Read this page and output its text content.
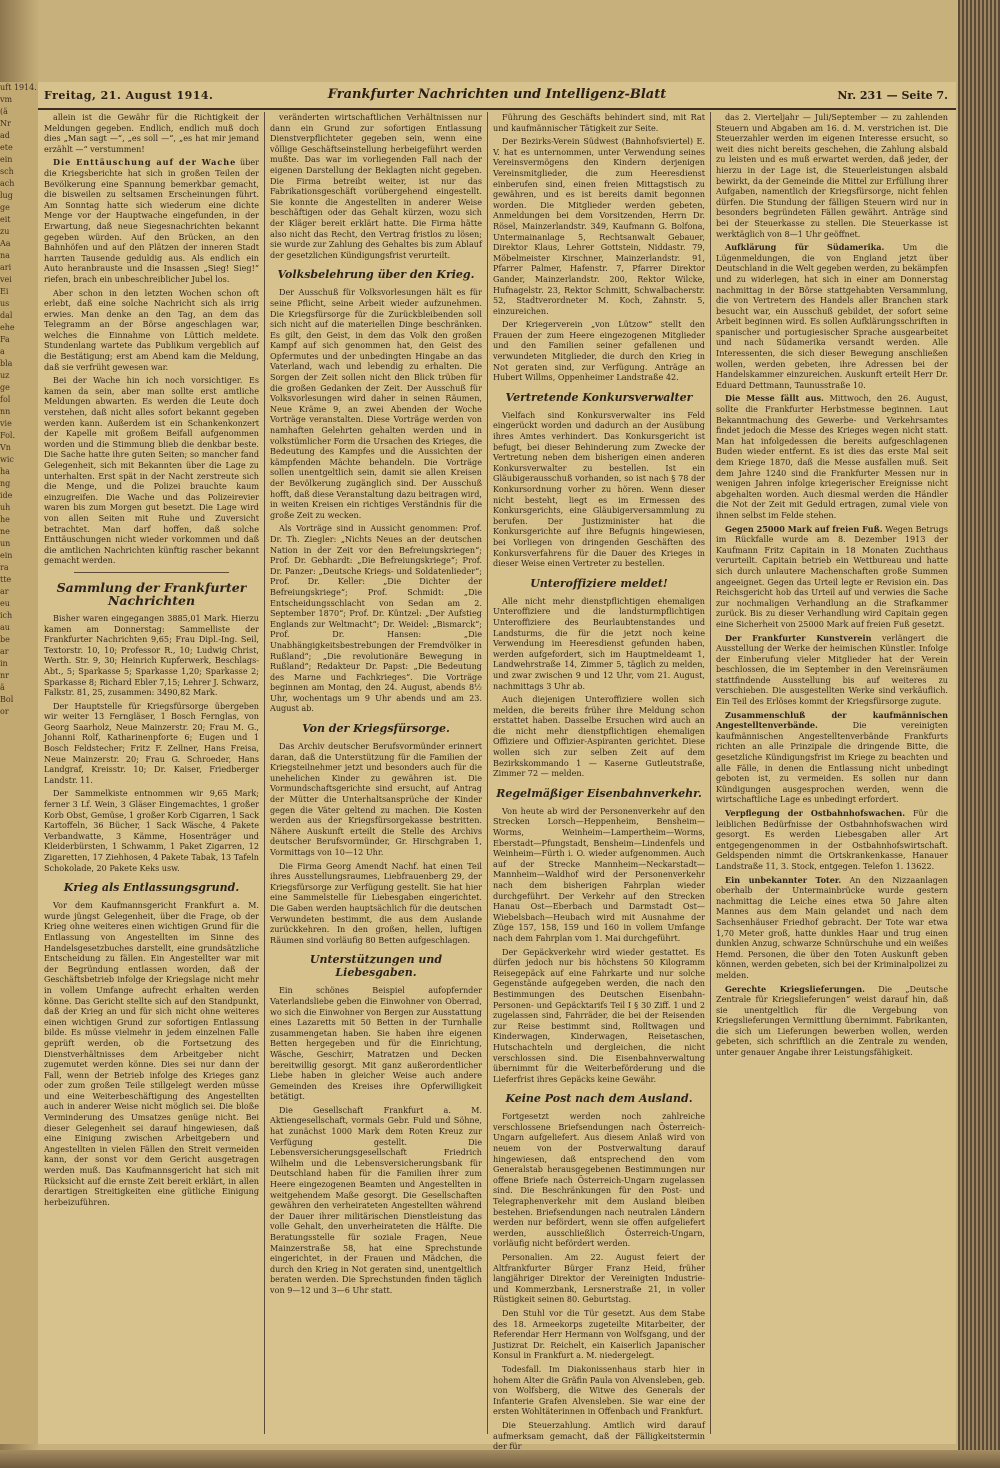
uft 1914.
vm
(ä
Nr
ad
ete
ein
sch
ach
lug
ge
eit
zu
Aa
na
ari
vei
Ei
us
dal
ehe
Fa
a
bla
uz
ge
fol
nn
vie
Fol.
Vn
wic
ha
ng
ide
uh
he
ne
un
ein
ra
tte
ar
eu
ich
au
be
ar
in
nr
ä
Bol
or
Freitag, 21. August 1914.	Frankfurter Nachrichten und Intelligenz-Blatt	Nr. 231 — Seite 7.

allein ist die Gewähr für die Richtigkeit der Meldungen gegeben. Endlich, endlich muß doch dies „Man sagt —“, „es soll —“, „es hat mir jemand erzählt —“ verstummen!

Die Enttäuschung auf der Wache über die Kriegsberichte hat sich in großen Teilen der Bevölkerung eine Spannung bemerkbar gemacht, die bisweilen zu seltsamen Erscheinungen führt. Am Sonntag hatte sich wiederum eine dichte Menge vor der Hauptwache eingefunden, in der Erwartung, daß neue Siegesnachrichten bekannt gegeben würden. Auf den Brücken, an den Bahnhöfen und auf den Plätzen der inneren Stadt harrten Tausende geduldig aus. Als endlich ein Auto heranbrauste und die Insassen „Sieg! Sieg!“ riefen, brach ein unbeschreiblicher Jubel los.

Aber schon in den letzten Wochen schon oft erlebt, daß eine solche Nachricht sich als irrig erwies. Man denke an den Tag, an dem das Telegramm an der Börse angeschlagen war, welches die Einnahme von Lüttich meldete. Stundenlang wartete das Publikum vergeblich auf die Bestätigung; erst am Abend kam die Meldung, daß sie verfrüht gewesen war.

Bei der Wache hin ich noch vorsichtiger. Es kamen da sein, aber man sollte erst amtliche Meldungen abwarten. Es werden die Leute doch verstehen, daß nicht alles sofort bekannt gegeben werden kann. Außerdem ist ein Schankenkonzert der Kapelle mit großem Beifall aufgenommen worden und die Stimmung blieb die denkbar beste. Die Sache hatte ihre guten Seiten; so mancher fand Gelegenheit, sich mit Bekannten über die Lage zu unterhalten. Erst spät in der Nacht zerstreute sich die Menge, und die Polizei brauchte kaum einzugreifen. Die Wache und das Polizeirevier waren bis zum Morgen gut besetzt. Die Lage wird von allen Seiten mit Ruhe und Zuversicht betrachtet. Man darf hoffen, daß solche Enttäuschungen nicht wieder vorkommen und daß die amtlichen Nachrichten künftig rascher bekannt gemacht werden.

Sammlung der Frankfurter Nachrichten

Bisher waren eingegangen 3885,01 Mark. Hierzu kamen am Donnerstag: Sammelliste der Frankfurter Nachrichten 9,65; Frau Dipl.-Ing. Seil, Textorstr. 10, 10; Professor R., 10; Ludwig Christ, Werth. Str. 9, 30; Heinrich Kupferwerk, Beschlags-Abt., 5; Sparkasse 5; Sparkasse 1,20; Sparkasse 2; Sparkasse 8; Richard Ebler 7,15; Lehrer J. Schwarz, Falkstr. 81, 25, zusammen: 3490,82 Mark.

Der Hauptstelle für Kriegsfürsorge übergeben wir weiter 13 Ferngläser, 1 Bosch Fernglas, von Georg Saarholz, Neue Mainzerstr. 20; Frau M. G., Johanni Rolf, Katharinenpforte 6; Eugen und 1 Bosch Feldstecher; Fritz F. Zellner, Hans Freisa, Neue Mainzerstr. 20; Frau G. Schroeder, Hans Landgraf, Kreisstr. 10; Dr. Kaiser, Friedberger Landstr. 11.

Der Sammelkiste entnommen wir 9,65 Mark; ferner 3 Lf. Wein, 3 Gläser Eingemachtes, 1 großer Korb Obst, Gemüse, 1 großer Korb Cigarren, 1 Sack Kartoffeln, 36 Bücher, 1 Sack Wäsche, 4 Pakete Verbandwatte, 3 Kämme, Hosenträger und Kleiderbürsten, 1 Schwamm, 1 Paket Zigarren, 12 Zigaretten, 17 Ziehhosen, 4 Pakete Tabak, 13 Tafeln Schokolade, 20 Pakete Keks usw.

Krieg als Entlassungsgrund.

Vor dem Kaufmannsgericht Frankfurt a. M. wurde jüngst Gelegenheit, über die Frage, ob der Krieg ohne weiteres einen wichtigen Grund für die Entlassung von Angestellten im Sinne des Handelsgesetzbuches darstellt, eine grundsätzliche Entscheidung zu fällen. Ein Angestellter war mit der Begründung entlassen worden, daß der Geschäftsbetrieb infolge der Kriegslage nicht mehr in vollem Umfange aufrecht erhalten werden könne. Das Gericht stellte sich auf den Standpunkt, daß der Krieg an und für sich nicht ohne weiteres einen wichtigen Grund zur sofortigen Entlassung bilde. Es müsse vielmehr in jedem einzelnen Falle geprüft werden, ob die Fortsetzung des Dienstverhältnisses dem Arbeitgeber nicht zugemutet werden könne. Dies sei nur dann der Fall, wenn der Betrieb infolge des Krieges ganz oder zum großen Teile stillgelegt werden müsse und eine Weiterbeschäftigung des Angestellten auch in anderer Weise nicht möglich sei. Die bloße Verminderung des Umsatzes genüge nicht. Bei dieser Gelegenheit sei darauf hingewiesen, daß eine Einigung zwischen Arbeitgebern und Angestellten in vielen Fällen den Streit vermeiden kann, der sonst vor dem Gericht ausgetragen werden muß. Das Kaufmannsgericht hat sich mit Rücksicht auf die ernste Zeit bereit erklärt, in allen derartigen Streitigkeiten eine gütliche Einigung herbeizuführen.

veränderten wirtschaftlichen Verhältnissen nur dann ein Grund zur sofortigen Entlassung Dienstverpflichteter gegeben sein, wenn eine völlige Geschäftseinstellung herbeigeführt werden mußte. Das war im vorliegenden Fall nach der eigenen Darstellung der Beklagten nicht gegeben. Die Firma betreibt weiter, ist nur das Fabrikationsgeschäft vorübergehend eingestellt. Sie konnte die Angestellten in anderer Weise beschäftigen oder das Gehalt kürzen, wozu sich der Kläger bereit erklärt hatte. Die Firma hätte also nicht das Recht, den Vertrag fristlos zu lösen; sie wurde zur Zahlung des Gehaltes bis zum Ablauf der gesetzlichen Kündigungsfrist verurteilt.

Volksbelehrung über den Krieg.

Der Ausschuß für Volksvorlesungen hält es für seine Pflicht, seine Arbeit wieder aufzunehmen. Die Kriegsfürsorge für die Zurückbleibenden soll sich nicht auf die materiellen Dinge beschränken. Es gilt, den Geist, in dem das Volk den großen Kampf auf sich genommen hat, den Geist des Opfermutes und der unbedingten Hingabe an das Vaterland, wach und lebendig zu erhalten. Die Sorgen der Zeit sollen nicht den Blick trüben für die großen Gedanken der Zeit. Der Ausschuß für Volksvorlesungen wird daher in seinen Räumen, Neue Kräme 9, an zwei Abenden der Woche Vorträge veranstalten. Diese Vorträge werden von namhaften Gelehrten gehalten werden und in volkstümlicher Form die Ursachen des Krieges, die Bedeutung des Kampfes und die Aussichten der kämpfenden Mächte behandeln. Die Vorträge sollen unentgeltlich sein, damit sie allen Kreisen der Bevölkerung zugänglich sind. Der Ausschuß hofft, daß diese Veranstaltung dazu beitragen wird, in weiten Kreisen ein richtiges Verständnis für die große Zeit zu wecken.

Als Vorträge sind in Aussicht genommen: Prof. Dr. Th. Ziegler: „Nichts Neues an der deutschen Nation in der Zeit vor den Befreiungskriegen“; Prof. Dr. Gebhardt: „Die Befreiungskriege“; Prof. Dr. Panzer: „Deutsche Kriegs- und Soldatenlieder“; Prof. Dr. Keller: „Die Dichter der Befreiungskriege“; Prof. Schmidt: „Die Entscheidungsschlacht von Sedan am 2. September 1870“; Prof. Dr. Küntzel: „Der Aufstieg Englands zur Weltmacht“; Dr. Weidel: „Bismarck“; Prof. Dr. Hansen: „Die Unabhängigkeitsbestrebungen der Fremdvölker in Rußland“; „Die revolutionäre Bewegung in Rußland“; Redakteur Dr. Papst: „Die Bedeutung des Marne und Fachkrieges“. Die Vorträge beginnen am Montag, den 24. August, abends 8½ Uhr, wochentags um 9 Uhr abends und am 23. August ab.

Von der Kriegsfürsorge.

Das Archiv deutscher Berufsvormünder erinnert daran, daß die Unterstützung für die Familien der Kriegsteilnehmer jetzt und besonders auch für die unehelichen Kinder zu gewähren ist. Die Vormundschaftsgerichte sind ersucht, auf Antrag der Mütter die Unterhaltsansprüche der Kinder gegen die Väter geltend zu machen. Die Kosten werden aus der Kriegsfürsorgekasse bestritten. Nähere Auskunft erteilt die Stelle des Archivs deutscher Berufsvormünder, Gr. Hirschgraben 1, Vormittags von 10—12 Uhr.

Die Firma Georg Amendt Nachf. hat einen Teil ihres Ausstellungsraumes, Liebfrauenberg 29, der Kriegsfürsorge zur Verfügung gestellt. Sie hat hier eine Sammelstelle für Liebesgaben eingerichtet. Die Gaben werden hauptsächlich für die deutschen Verwundeten bestimmt, die aus dem Auslande zurückkehren. In den großen, hellen, luftigen Räumen sind vorläufig 80 Betten aufgeschlagen.

Unterstützungen und Liebesgaben.

Ein schönes Beispiel aufopfernder Vaterlandsliebe geben die Einwohner von Oberrad, wo sich die Einwohner von Bergen zur Ausstattung eines Lazaretts mit 50 Betten in der Turnhalle zusammengetan haben. Sie haben ihre eigenen Betten hergegeben und für die Einrichtung, Wäsche, Geschirr, Matratzen und Decken bereitwillig gesorgt. Mit ganz außerordentlicher Liebe haben in gleicher Weise auch andere Gemeinden des Kreises ihre Opferwilligkeit betätigt.

Die Gesellschaft Frankfurt a. M. Aktiengesellschaft, vormals Gebr. Fuld und Söhne, hat zunächst 1000 Mark dem Roten Kreuz zur Verfügung gestellt. Die Lebensversicherungsgesellschaft Friedrich Wilhelm und die Lebensversicherungsbank für Deutschland haben für die Familien ihrer zum Heere eingezogenen Beamten und Angestellten in weitgehendem Maße gesorgt. Die Gesellschaften gewähren den verheirateten Angestellten während der Dauer ihrer militärischen Dienstleistung das volle Gehalt, den unverheirateten die Hälfte. Die Beratungsstelle für soziale Fragen, Neue Mainzerstraße 58, hat eine Sprechstunde eingerichtet, in der Frauen und Mädchen, die durch den Krieg in Not geraten sind, unentgeltlich beraten werden. Die Sprechstunden finden täglich von 9—12 und 3—6 Uhr statt.

Führung des Geschäfts behindert sind, mit Rat und kaufmännischer Tätigkeit zur Seite.

Der Bezirks-Verein Südwest (Bahnhofsviertel) E. V. hat es unternommen, unter Verwendung seines Vereinsvermögens den Kindern derjenigen Vereinsmitglieder, die zum Heeresdienst einberufen sind, einen freien Mittagstisch zu gewähren, und es ist bereits damit begonnen worden. Die Mitglieder werden gebeten, Anmeldungen bei dem Vorsitzenden, Herrn Dr. Rösel, Mainzerlandstr. 349, Kaufmann G. Bolfona, Untermainanlage 5, Rechtsanwalt Gebauer, Direktor Klaus, Lehrer Gottstein, Niddastr. 79, Möbelmeister Kirschner, Mainzerlandstr. 91, Pfarrer Palmer, Hafenstr. 7, Pfarrer Direktor Gander, Mainzerlandstr. 200, Rektor Wilcke, Hufnagelstr. 23, Rektor Schmitt, Schwalbacherstr. 52, Stadtverordneter M. Koch, Zahnstr. 5, einzureichen.

Der Kriegerverein „von Lützow“ stellt den Frauen der zum Heere eingezogenen Mitglieder und den Familien seiner gefallenen und verwundeten Mitglieder, die durch den Krieg in Not geraten sind, zur Verfügung. Anträge an Hubert Willms, Oppenheimer Landstraße 42.

Vertretende Konkursverwalter

Vielfach sind Konkursverwalter ins Feld eingerückt worden und dadurch an der Ausübung ihres Amtes verhindert. Das Konkursgericht ist befugt, bei dieser Behinderung zum Zwecke der Vertretung neben dem bisherigen einen anderen Konkursverwalter zu bestellen. Ist ein Gläubigerausschuß vorhanden, so ist nach § 78 der Konkursordnung vorher zu hören. Wenn dieser nicht besteht, liegt es im Ermessen des Konkursgerichts, eine Gläubigerversammlung zu berufen. Der Justizminister hat die Konkursgerichte auf ihre Befugnis hingewiesen, bei Vorliegen von dringenden Geschäften des Konkursverfahrens für die Dauer des Krieges in dieser Weise einen Vertreter zu bestellen.

Unteroffiziere meldet!

Alle nicht mehr dienstpflichtigen ehemaligen Unteroffiziere und die landsturmpflichtigen Unteroffiziere des Beurlaubtenstandes und Landsturms, die für die jetzt noch keine Verwendung im Heeresdienst gefunden haben, werden aufgefordert, sich im Hauptmeldeamt 1, Landwehrstraße 14, Zimmer 5, täglich zu melden, und zwar zwischen 9 und 12 Uhr, vom 21. August, nachmittags 3 Uhr ab.

Auch diejenigen Unteroffiziere wollen sich melden, die bereits früher ihre Meldung schon erstattet haben. Dasselbe Ersuchen wird auch an die nicht mehr dienstpflichtigen ehemaligen Offiziere und Offizier-Aspiranten gerichtet. Diese wollen sich zur selben Zeit auf dem Bezirkskommando 1 — Kaserne Gutleutstraße, Zimmer 72 — melden.

Regelmäßiger Eisenbahnverkehr.

Von heute ab wird der Personenverkehr auf den Strecken Lorsch—Heppenheim, Bensheim—Worms, Weinheim—Lampertheim—Worms, Eberstadt—Pfungstadt, Bensheim—Lindenfels und Weinheim—Fürth i. O. wieder aufgenommen. Auch auf der Strecke Mannheim—Neckarstadt—Mannheim—Waldhof wird der Personenverkehr nach dem bisherigen Fahrplan wieder durchgeführt. Der Verkehr auf den Strecken Hanau Ost—Eberbach und Darmstadt Ost—Wiebelsbach—Heubach wird mit Ausnahme der Züge 157, 158, 159 und 160 in vollem Umfange nach dem Fahrplan vom 1. Mai durchgeführt.

Der Gepäckverkehr wird wieder gestattet. Es dürfen jedoch nur bis höchstens 50 Kilogramm Reisegepäck auf eine Fahrkarte und nur solche Gegenstände aufgegeben werden, die nach den Bestimmungen des Deutschen Eisenbahn-Personen- und Gepäcktarifs Teil I § 30 Ziff. 1 und 2 zugelassen sind, Fahrräder, die bei der Reisenden zur Reise bestimmt sind, Rolltwagen und Kinderwagen, Kinderwagen, Reisetaschen, Hutschachteln und dergleichen, die nicht verschlossen sind. Die Eisenbahnverwaltung übernimmt für die Weiterbeförderung und die Lieferfrist ihres Gepäcks keine Gewähr.

Keine Post nach dem Ausland.

Fortgesetzt werden noch zahlreiche verschlossene Briefsendungen nach Österreich-Ungarn aufgeliefert. Aus diesem Anlaß wird von neuem von der Postverwaltung darauf hingewiesen, daß entsprechend den vom Generalstab herausgegebenen Bestimmungen nur offene Briefe nach Österreich-Ungarn zugelassen sind. Die Beschränkungen für den Post- und Telegraphenverkehr mit dem Ausland bleiben bestehen. Briefsendungen nach neutralen Ländern werden nur befördert, wenn sie offen aufgeliefert werden, ausschließlich Österreich-Ungarn, vorläufig nicht befördert werden.

Personalien. Am 22. August feiert der Altfrankfurter Bürger Franz Heid, früher langjähriger Direktor der Vereinigten Industrie- und Kommerzbank, Lersnerstraße 21, in voller Rüstigkeit seinen 80. Geburtstag.

Den Stuhl vor die Tür gesetzt. Aus dem Stabe des 18. Armeekorps zugeteilte Mitarbeiter, der Referendar Herr Hermann von Wolfsgang, und der Justizrat Dr. Reichelt, ein Kaiserlich Japanischer Konsul in Frankfurt a. M. niedergelegt.

Todesfall. Im Diakonissenhaus starb hier in hohem Alter die Gräfin Paula von Alvensleben, geb. von Wolfsberg, die Witwe des Generals der Infanterie Grafen Alvensleben. Sie war eine der ersten Wohltäterinnen in Offenbach und Frankfurt.

Die Steuerzahlung. Amtlich wird darauf aufmerksam gemacht, daß der Fälligkeitstermin der für

das 2. Vierteljahr — Juli/September — zu zahlenden Steuern und Abgaben am 16. d. M. verstrichen ist. Die Steuerzahler werden im eigenen Interesse ersucht, so weit dies nicht bereits geschehen, die Zahlung alsbald zu leisten und es muß erwartet werden, daß jeder, der hierzu in der Lage ist, die Steuerleistungen alsbald bewirkt, da der Gemeinde die Mittel zur Erfüllung ihrer Aufgaben, namentlich der Kriegsfürsorge, nicht fehlen dürfen. Die Stundung der fälligen Steuern wird nur in besonders begründeten Fällen gewährt. Anträge sind bei der Steuerkasse zu stellen. Die Steuerkasse ist werktäglich von 8—1 Uhr geöffnet.

Aufklärung für Südamerika. Um die Lügenmeldungen, die von England jetzt über Deutschland in die Welt gegeben werden, zu bekämpfen und zu widerlegen, hat sich in einer am Donnerstag nachmittag in der Börse stattgehabten Versammlung, die von Vertretern des Handels aller Branchen stark besucht war, ein Ausschuß gebildet, der sofort seine Arbeit beginnen wird. Es sollen Aufklärungsschriften in spanischer und portugiesischer Sprache ausgearbeitet und nach Südamerika versandt werden. Alle Interessenten, die sich dieser Bewegung anschließen wollen, werden gebeten, ihre Adressen bei der Handelskammer einzureichen. Auskunft erteilt Herr Dr. Eduard Dettmann, Taunusstraße 10.

Die Messe fällt aus. Mittwoch, den 26. August, sollte die Frankfurter Herbstmesse beginnen. Laut Bekanntmachung des Gewerbe- und Verkehrsamtes findet jedoch die Messe des Krieges wegen nicht statt. Man hat infolgedessen die bereits aufgeschlagenen Buden wieder entfernt. Es ist dies das erste Mal seit dem Kriege 1870, daß die Messe ausfallen muß. Seit dem Jahre 1240 sind die Frankfurter Messen nur in wenigen Jahren infolge kriegerischer Ereignisse nicht abgehalten worden. Auch diesmal werden die Händler die Not der Zeit mit Geduld ertragen, zumal viele von ihnen selbst im Felde stehen.

Gegen 25000 Mark auf freien Fuß. Wegen Betrugs im Rückfalle wurde am 8. Dezember 1913 der Kaufmann Fritz Capitain in 18 Monaten Zuchthaus verurteilt. Capitain betrieb ein Wettbureau und hatte sich durch unlautere Machenschaften große Summen angeeignet. Gegen das Urteil legte er Revision ein. Das Reichsgericht hob das Urteil auf und verwies die Sache zur nochmaligen Verhandlung an die Strafkammer zurück. Bis zu dieser Verhandlung wird Capitain gegen eine Sicherheit von 25000 Mark auf freien Fuß gesetzt.

Der Frankfurter Kunstverein verlängert die Ausstellung der Werke der heimischen Künstler. Infolge der Einberufung vieler Mitglieder hat der Verein beschlossen, die im September in den Vereinsräumen stattfindende Ausstellung bis auf weiteres zu verschieben. Die ausgestellten Werke sind verkäuflich. Ein Teil des Erlöses kommt der Kriegsfürsorge zugute.

Zusammenschluß der kaufmännischen Angestelltenverbände.	Die vereinigten kaufmännischen Angestelltenverbände Frankfurts richten an alle Prinzipale die dringende Bitte, die gesetzliche Kündigungsfrist im Kriege zu beachten und alle Fälle, in denen die Entlassung nicht unbedingt geboten ist, zu vermeiden. Es sollen nur dann Kündigungen ausgesprochen werden, wenn die wirtschaftliche Lage es unbedingt erfordert.

Verpflegung der Ostbahnhofswachen. Für die leiblichen Bedürfnisse der Ostbahnhofswachen wird gesorgt. Es werden Liebesgaben aller Art entgegengenommen in der Ostbahnhofswirtschaft. Geldspenden nimmt die Ortskrankenkasse, Hanauer Landstraße 11, 3. Stock, entgegen. Telefon 1. 13622.

Ein unbekannter Toter. An den Nizzaanlagen oberhalb der Untermainbrücke wurde gestern nachmittag die Leiche eines etwa 50 Jahre alten Mannes aus dem Main gelandet und nach dem Sachsenhäuser Friedhof gebracht. Der Tote war etwa 1,70 Meter groß, hatte dunkles Haar und trug einen dunklen Anzug, schwarze Schnürschuhe und ein weißes Hemd. Personen, die über den Toten Auskunft geben können, werden gebeten, sich bei der Kriminalpolizei zu melden.

Gerechte Kriegslieferungen. Die „Deutsche Zentrale für Kriegslieferungen“ weist darauf hin, daß sie unentgeltlich für die Vergebung von Kriegslieferungen Vermittlung übernimmt. Fabrikanten, die sich um Lieferungen bewerben wollen, werden gebeten, sich schriftlich an die Zentrale zu wenden, unter genauer Angabe ihrer Leistungsfähigkeit.
